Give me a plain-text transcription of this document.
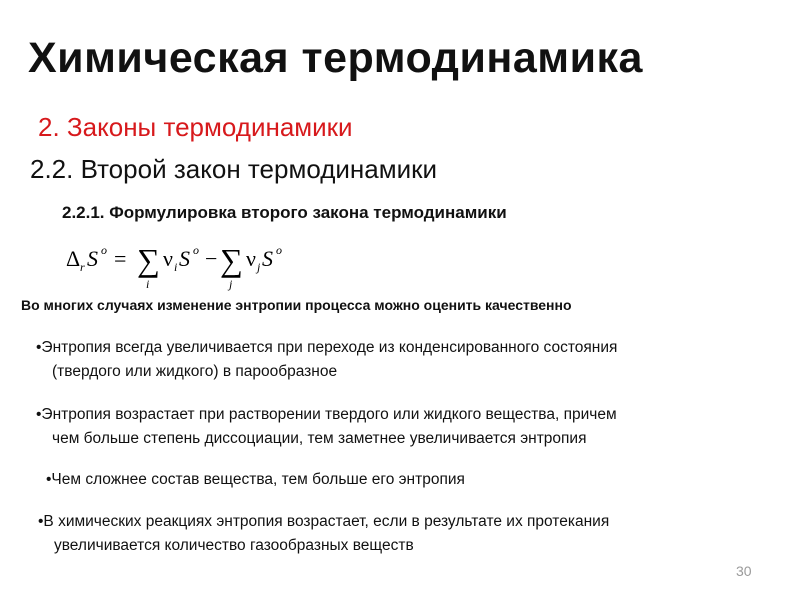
Химическая термодинамика
2. Законы термодинамики
2.2. Второй закон термодинамики
2.2.1. Формулировка второго закона термодинамики
Δ r S o = ∑
i
ν i S o − ∑
j
ν j S o
Во многих случаях изменение энтропии процесса можно оценить качественно
•Энтропия всегда увеличивается при переходе из конденсированного состояния
(твердого или жидкого) в парообразное
•Энтропия возрастает при растворении твердого или жидкого вещества, причем
чем больше степень диссоциации, тем заметнее увеличивается энтропия
•Чем сложнее состав вещества, тем больше его энтропия
•В химических реакциях энтропия возрастает, если в результате их протекания
увеличивается количество газообразных веществ
30
